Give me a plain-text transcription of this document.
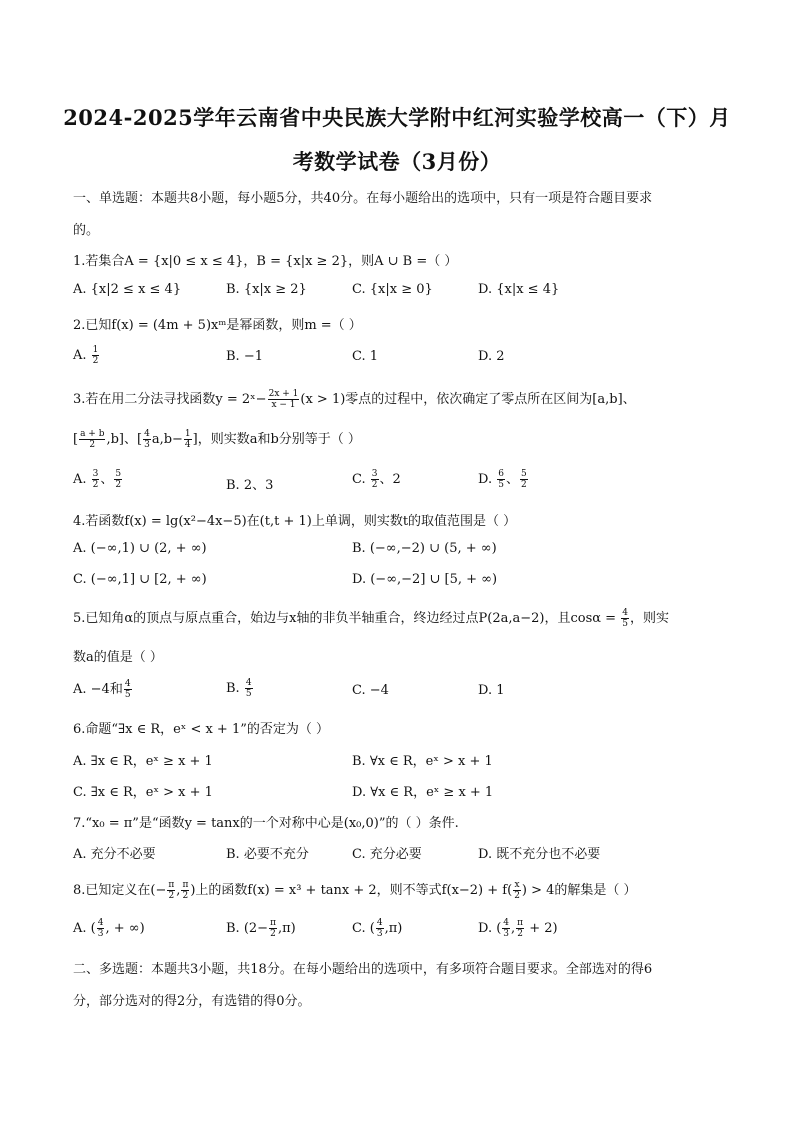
2024-2025学年云南省中央民族大学附中红河实验学校高一（下）月
考数学试卷（3月份）
一、单选题：本题共8小题，每小题5分，共40分。在每小题给出的选项中，只有一项是符合题目要求
的。
1.若集合A = {x|0 ≤ x ≤ 4}，B = {x|x ≥ 2}，则A ∪ B =（ ）
A. {x|2 ≤ x ≤ 4}	B. {x|x ≥ 2}	C. {x|x ≥ 0}	D. {x|x ≤ 4}
2.已知f(x) = (4m + 5)xᵐ是幂函数，则m =（ ）
A. $\frac{1}{2}$	B. −1	C. 1	D. 2
3.若在用二分法寻找函数y = 2ˣ− $\frac{2x + 1}{x - 1} (x > 1)$零点的过程中，依次确定了零点所在区间为[a,b]、
[ $\frac{a + b}{2} ,b$]、[ $\frac{4}{3} a,b- \frac{1}{4}$ ]，则实数a和b分别等于（ ）
A. $\frac{3}{2}$ 、 $\frac{5}{2}$	B. 2、3	C. $\frac{3}{2}$ 、2	D. $\frac{6}{5}$ 、 $\frac{5}{2}$
4.若函数f(x) = lg(x²−4x−5)在(t,t + 1)上单调，则实数t的取值范围是（ ）
A. (−∞,1) ∪ (2, + ∞)	B. (−∞,−2) ∪ (5, + ∞)
C. (−∞,1] ∪ [2, + ∞)	D. (−∞,−2] ∪ [5, + ∞)
5.已知角α的顶点与原点重合，始边与x轴的非负半轴重合，终边经过点P(2a,a−2)，且$\cos\alpha = \frac{4}{5}$ ，则实
数a的值是（ ）
A. −4和 $\frac{4}{5}$	B. $\frac{4}{5}$	C. −4	D. 1
6.命题“∃x ∈ R，eˣ < x + 1”的否定为（ ）
A. ∃x ∈ R，eˣ ≥ x + 1	B. ∀x ∈ R，eˣ > x + 1
C. ∃x ∈ R，eˣ > x + 1	D. ∀x ∈ R，eˣ ≥ x + 1
7.“x₀ = π”是“函数y = tanx的一个对称中心是(x₀,0)”的（ ）条件.
A. 充分不必要	B. 必要不充分	C. 充分必要	D. 既不充分也不必要
8.已知定义在(− $\frac{\pi}{2}$ , $\frac{\pi}{2}$ )上的函数f(x) = x³ + tanx + 2，则不等式$f(x-2) + f( \frac{x}{2}$ ) > 4的解集是（ ）
A. ( $\frac{4}{3}$ , + ∞)	B. $(2- \frac{\pi}{2} ,\pi)$	C. ( $\frac{4}{3} ,\pi$)	D. ( $\frac{4}{3}$ , $\frac{\pi}{2} + 2$)
二、多选题：本题共3小题，共18分。在每小题给出的选项中，有多项符合题目要求。全部选对的得6
分，部分选对的得2分，有选错的得0分。
